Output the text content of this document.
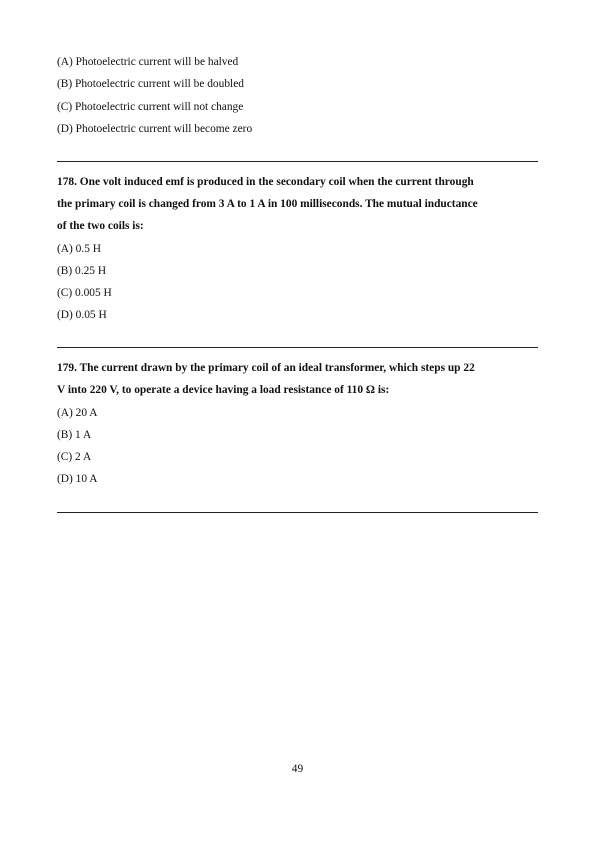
(A) Photoelectric current will be halved
(B) Photoelectric current will be doubled
(C) Photoelectric current will not change
(D) Photoelectric current will become zero
178. One volt induced emf is produced in the secondary coil when the current through
the primary coil is changed from 3 A to 1 A in 100 milliseconds. The mutual inductance
of the two coils is:
(A) 0.5 H
(B) 0.25 H
(C) 0.005 H
(D) 0.05 H
179. The current drawn by the primary coil of an ideal transformer, which steps up 22
V into 220 V, to operate a device having a load resistance of 110 Ω is:
(A) 20 A
(B) 1 A
(C) 2 A
(D) 10 A
49
